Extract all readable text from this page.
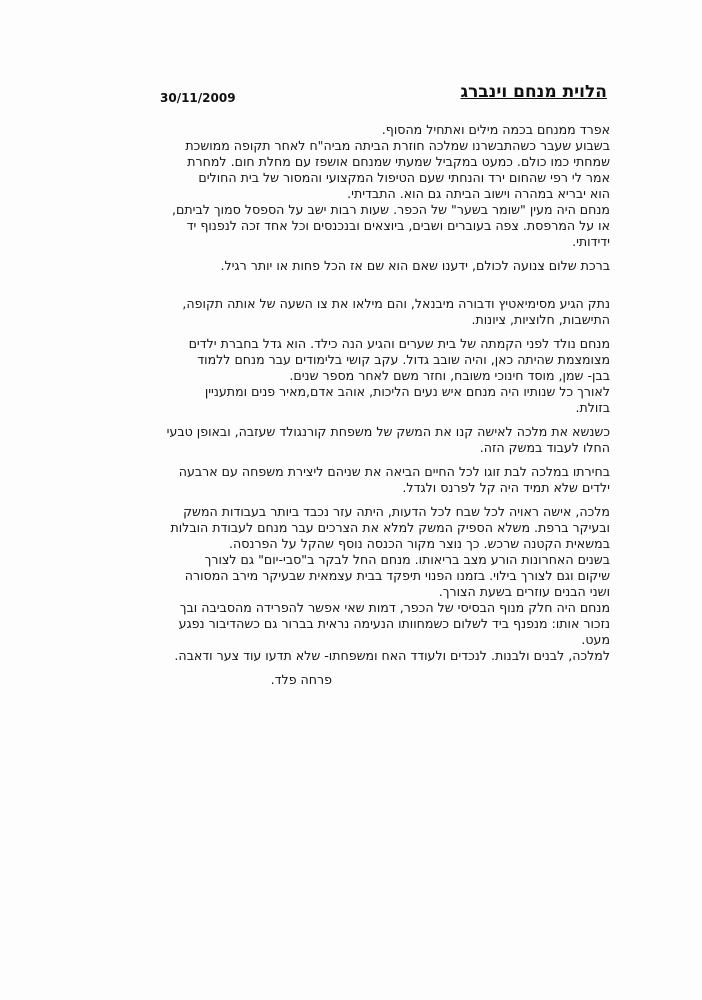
הלוית מנחם וינברג
30/11/2009
אפרד ממנחם בכמה מילים ואתחיל מהסוף.
בשבוע שעבר כשהתבשרנו שמלכה חוזרת הביתה מביה"ח לאחר תקופה ממושכת
שמחתי כמו כולם. כמעט במקביל שמעתי שמנחם אושפז עם מחלת חום. למחרת
אמר לי רפי שהחום ירד והנחתי שעם הטיפול המקצועי והמסור של בית החולים
הוא יבריא במהרה וישוב הביתה גם הוא. התבדיתי.
מנחם היה מעין "שומר בשער" של הכפר. שעות רבות ישב על הספסל סמוך לביתם,
או על המרפסת. צפה בעוברים ושבים, ביוצאים ובנכנסים וכל אחד זכה לנפנוף יד
ידידותי.
ברכת שלום צנועה לכולם, ידענו שאם הוא שם אז הכל פחות או יותר רגיל.
נתק הגיע מסימיאטיץ ודבורה מיבנאל, והם מילאו את צו השעה של אותה תקופה,
התישבות, חלוציות, ציונות.
מנחם נולד לפני הקמתה של בית שערים והגיע הנה כילד. הוא גדל בחברת ילדים
מצומצמת שהיתה כאן, והיה שובב גדול. עקב קושי בלימודים עבר מנחם ללמוד
בבן- שמן, מוסד חינוכי משובח, וחזר משם לאחר מספר שנים.
לאורך כל שנותיו היה מנחם איש נעים הליכות, אוהב אדם,מאיר פנים ומתעניין
בזולת.
כשנשא את מלכה לאישה קנו את המשק של משפחת קורנגולד שעזבה, ובאופן טבעי
החלו לעבוד במשק הזה.
בחירתו במלכה לבת זוגו לכל החיים הביאה את שניהם ליצירת משפחה עם ארבעה
ילדים שלא תמיד היה קל לפרנס ולגדל.
מלכה, אישה ראויה לכל שבח לכל הדעות, היתה עזר נכבד ביותר בעבודות המשק
ובעיקר ברפת. משלא הספיק המשק למלא את הצרכים עבר מנחם לעבודת הובלות
במשאית הקטנה שרכש. כך נוצר מקור הכנסה נוסף שהקל על הפרנסה.
בשנים האחרונות הורע מצב בריאותו. מנחם החל לבקר ב"סבי-יום" גם לצורך
שיקום וגם לצורך בילוי. בזמנו הפנוי תיפקד בבית עצמאית שבעיקר מירב המסורה
ושני הבנים עוזרים בשעת הצורך.
מנחם היה חלק מנוף הבסיסי של הכפר, דמות שאי אפשר להפרידה מהסביבה ובך
נזכור אותו: מנפנף ביד לשלום כשמחוותו הנעימה נראית בברור גם כשהדיבור נפגע
מעט.
למלכה, לבנים ולבנות. לנכדים ולעודד האח ומשפחתו- שלא תדעו עוד צער ודאבה.
פרחה פלד.
